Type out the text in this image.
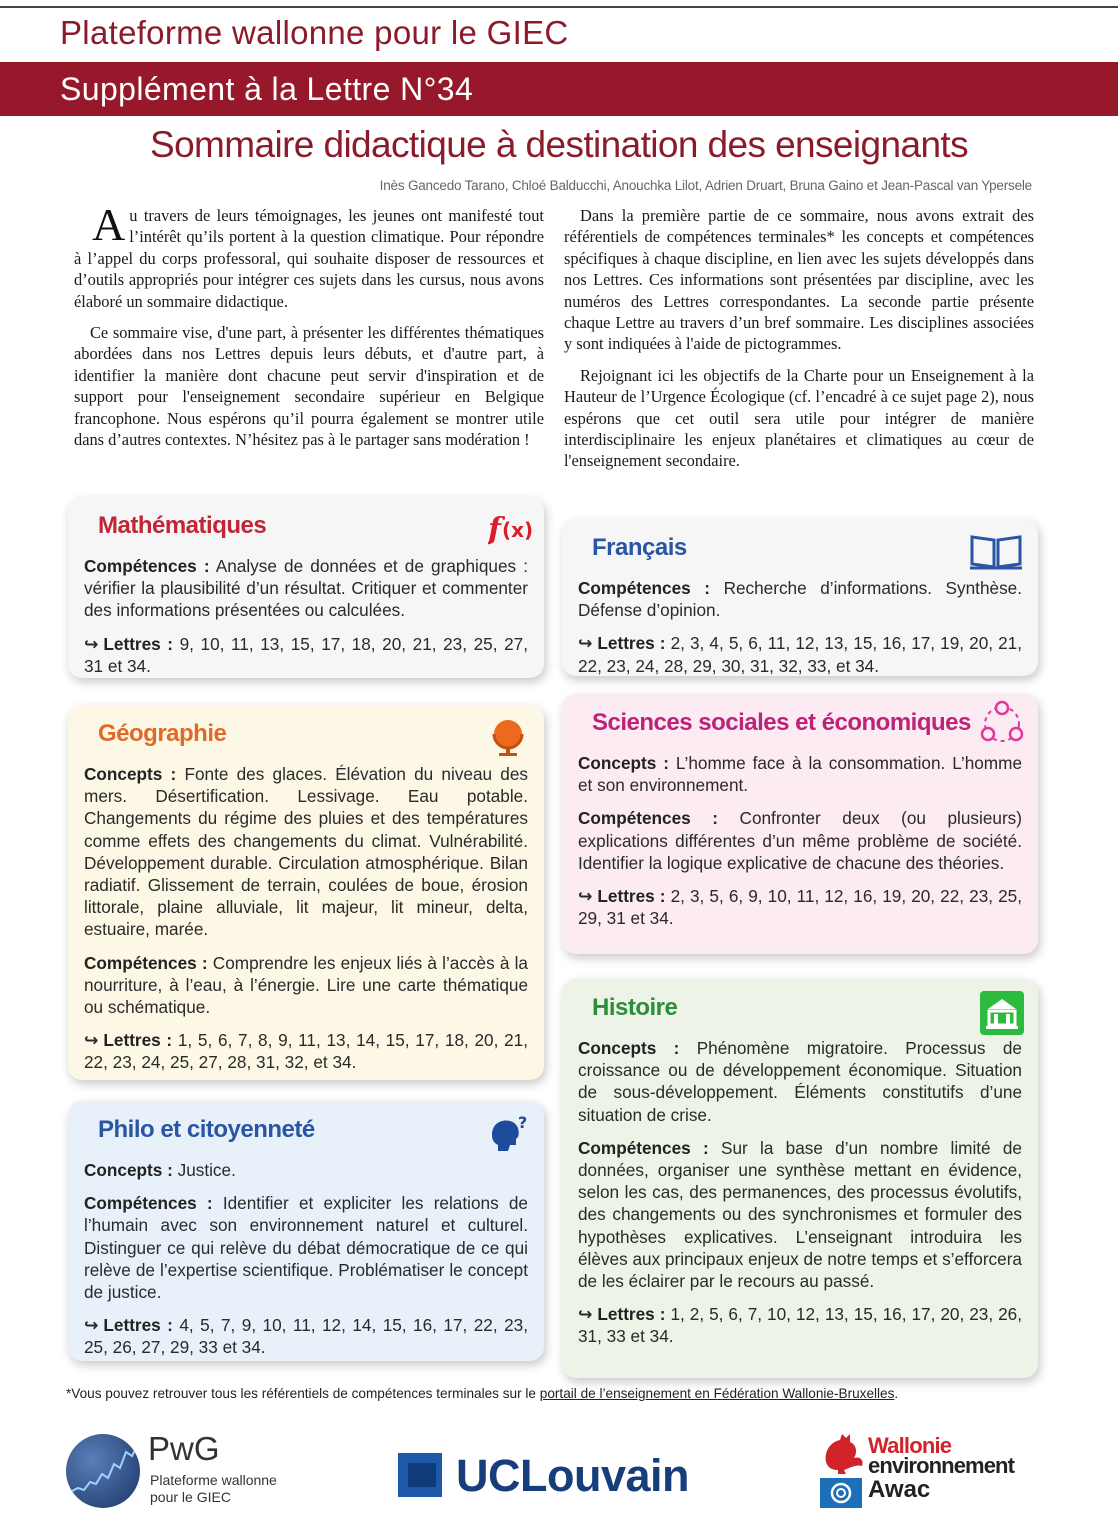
Plateforme wallonne pour le GIEC
Supplément à la Lettre N°34
Sommaire didactique à destination des enseignants
Inès Gancedo Tarano, Chloé Balducchi, Anouchka Lilot, Adrien Druart, Bruna Gaino et Jean-Pascal van Ypersele

Au travers de leurs témoignages, les jeunes ont manifesté tout l’intérêt qu’ils portent à la question climatique. Pour répondre à l’appel du corps professoral, qui souhaite disposer de ressources et d’outils appropriés pour intégrer ces sujets dans les cursus, nous avons élaboré un sommaire didactique.

Ce sommaire vise, d'une part, à présenter les différentes thématiques abordées dans nos Lettres depuis leurs débuts, et d'autre part, à identifier la manière dont chacune peut servir d'inspiration et de support pour l'enseignement secondaire supérieur en Belgique francophone. Nous espérons qu’il pourra également se montrer utile dans d’autres contextes. N’hésitez pas à le partager sans modération !

Dans la première partie de ce sommaire, nous avons extrait des référentiels de compétences terminales* les concepts et compétences spécifiques à chaque discipline, en lien avec les sujets développés dans nos Lettres. Ces informations sont présentées par discipline, avec les numéros des Lettres correspondantes. La seconde partie présente chaque Lettre au travers d’un bref sommaire. Les disciplines associées y sont indiquées à l'aide de pictogrammes.

Rejoignant ici les objectifs de la Charte pour un Enseignement à la Hauteur de l’Urgence Écologique (cf. l’encadré à ce sujet page 2), nous espérons que cet outil sera utile pour intégrer de manière interdisciplinaire les enjeux planétaires et climatiques au cœur de l'enseignement secondaire.

Mathématiques	f (x)

Compétences : Analyse de données et de graphiques : vérifier la plausibilité d’un résultat. Critiquer et commenter des informations présentées ou calculées.

↪ Lettres : 9, 10, 11, 13, 15, 17, 18, 20, 21, 23, 25, 27, 31 et 34.

Géographie

Concepts : Fonte des glaces. Élévation du niveau des mers. Désertification. Lessivage. Eau potable. Changements du régime des pluies et des températures comme effets des changements du climat. Vulnérabilité. Développement durable. Circulation atmosphérique. Bilan radiatif. Glissement de terrain, coulées de boue, érosion littorale, plaine alluviale, lit majeur, lit mineur, delta, estuaire, marée.

Compétences : Comprendre les enjeux liés à l’accès à la nourriture, à l’eau, à l’énergie. Lire une carte thématique ou schématique.

↪ Lettres : 1, 5, 6, 7, 8, 9, 11, 13, 14, 15, 17, 18, 20, 21, 22, 23, 24, 25, 27, 28, 31, 32, et 34.

Philo et citoyenneté	?

Concepts : Justice.

Compétences : Identifier et expliciter les relations de l’humain avec son environnement naturel et culturel. Distinguer ce qui relève du débat démocratique de ce qui relève de l’expertise scientifique. Problématiser le concept de justice.

↪ Lettres : 4, 5, 7, 9, 10, 11, 12, 14, 15, 16, 17, 22, 23, 25, 26, 27, 29, 33 et 34.

Français

Compétences : Recherche d’informations. Synthèse. Défense d’opinion.

↪ Lettres : 2, 3, 4, 5, 6, 11, 12, 13, 15, 16, 17, 19, 20, 21, 22, 23, 24, 28, 29, 30, 31, 32, 33, et 34.

Sciences sociales et économiques

Concepts : L’homme face à la consommation. L’homme et son environnement.

Compétences : Confronter deux (ou plusieurs) explications différentes d’un même problème de société. Identifier la logique explicative de chacune des théories.

↪ Lettres : 2, 3, 5, 6, 9, 10, 11, 12, 16, 19, 20, 22, 23, 25, 29, 31 et 34.

Histoire

Concepts : Phénomène migratoire. Processus de croissance ou de développement économique. Situation de sous-développement. Éléments constitutifs d’une situation de crise.

Compétences : Sur la base d’un nombre limité de données, organiser une synthèse mettant en évidence, selon les cas, des permanences, des processus évolutifs, des changements ou des synchronismes et formuler des hypothèses explicatives. L’enseignant introduira les élèves aux principaux enjeux de notre temps et s’efforcera de les éclairer par le recours au passé.

↪ Lettres : 1, 2, 5, 6, 7, 10, 12, 13, 15, 16, 17, 20, 23, 26, 31, 33 et 34.

*Vous pouvez retrouver tous les référentiels de compétences terminales sur le portail de l’enseignement en Fédération Wallonie-Bruxelles.
PwG
Plateforme wallonne
pour le GIEC	UCLouvain
Wallonie
environnement
Awac
